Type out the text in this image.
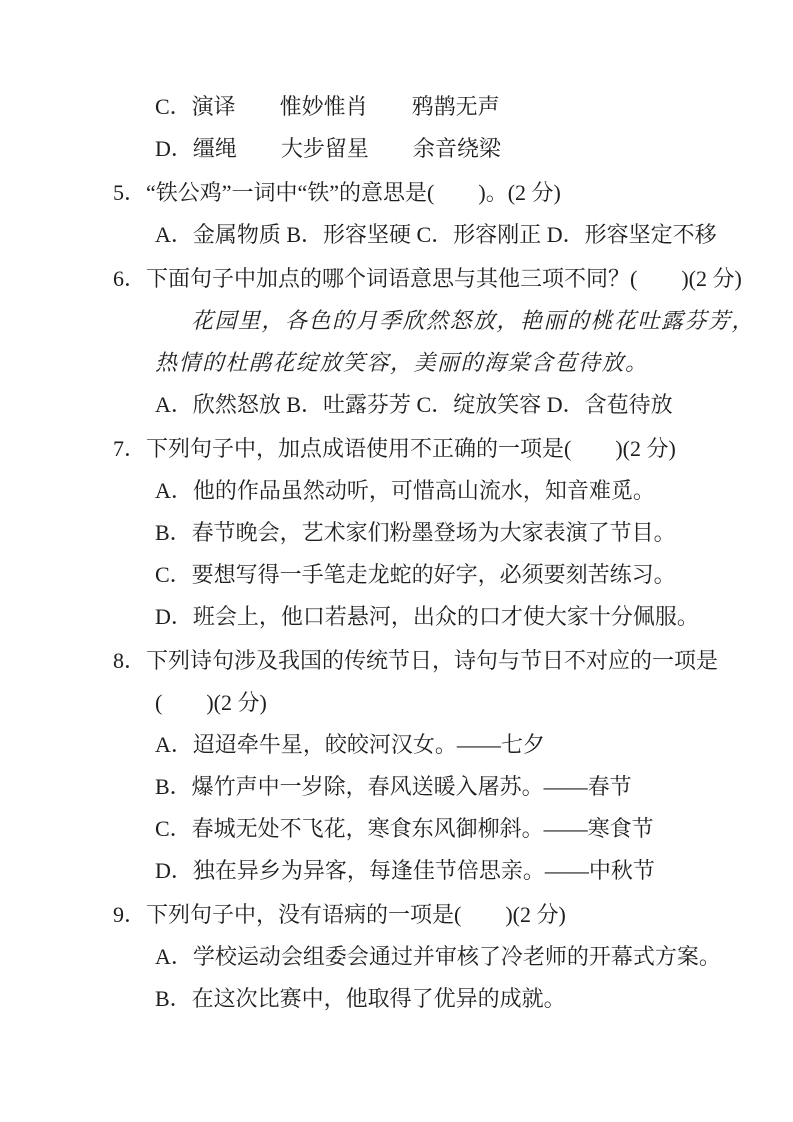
C．演译　　惟妙惟肖　　鸦鹊无声
D．缰绳　　大步留星　　余音绕梁
5．“铁公鸡”一词中“铁”的意思是(　　)。(2 分)
A．金属物质 B．形容坚硬 C．形容刚正 D．形容坚定不移
6．下面句子中加点的哪个词语意思与其他三项不同？(　　)(2 分)
花园里，各色的月季欣然怒放，艳丽的桃花吐露芬芳，
热情的杜鹃花绽放笑容，美丽的海棠含苞待放。
A．欣然怒放 B．吐露芬芳 C．绽放笑容 D．含苞待放
7．下列句子中，加点成语使用不正确的一项是(　　)(2 分)
A．他的作品虽然动听，可惜高山流水，知音难觅。
B．春节晚会，艺术家们粉墨登场为大家表演了节目。
C．要想写得一手笔走龙蛇的好字，必须要刻苦练习。
D．班会上，他口若悬河，出众的口才使大家十分佩服。
8．下列诗句涉及我国的传统节日，诗句与节日不对应的一项是
(　　)(2 分)
A．迢迢牵牛星，皎皎河汉女。——七夕
B．爆竹声中一岁除，春风送暖入屠苏。——春节
C．春城无处不飞花，寒食东风御柳斜。——寒食节
D．独在异乡为异客，每逢佳节倍思亲。——中秋节
9．下列句子中，没有语病的一项是(　　)(2 分)
A．学校运动会组委会通过并审核了冷老师的开幕式方案。
B．在这次比赛中，他取得了优异的成就。
